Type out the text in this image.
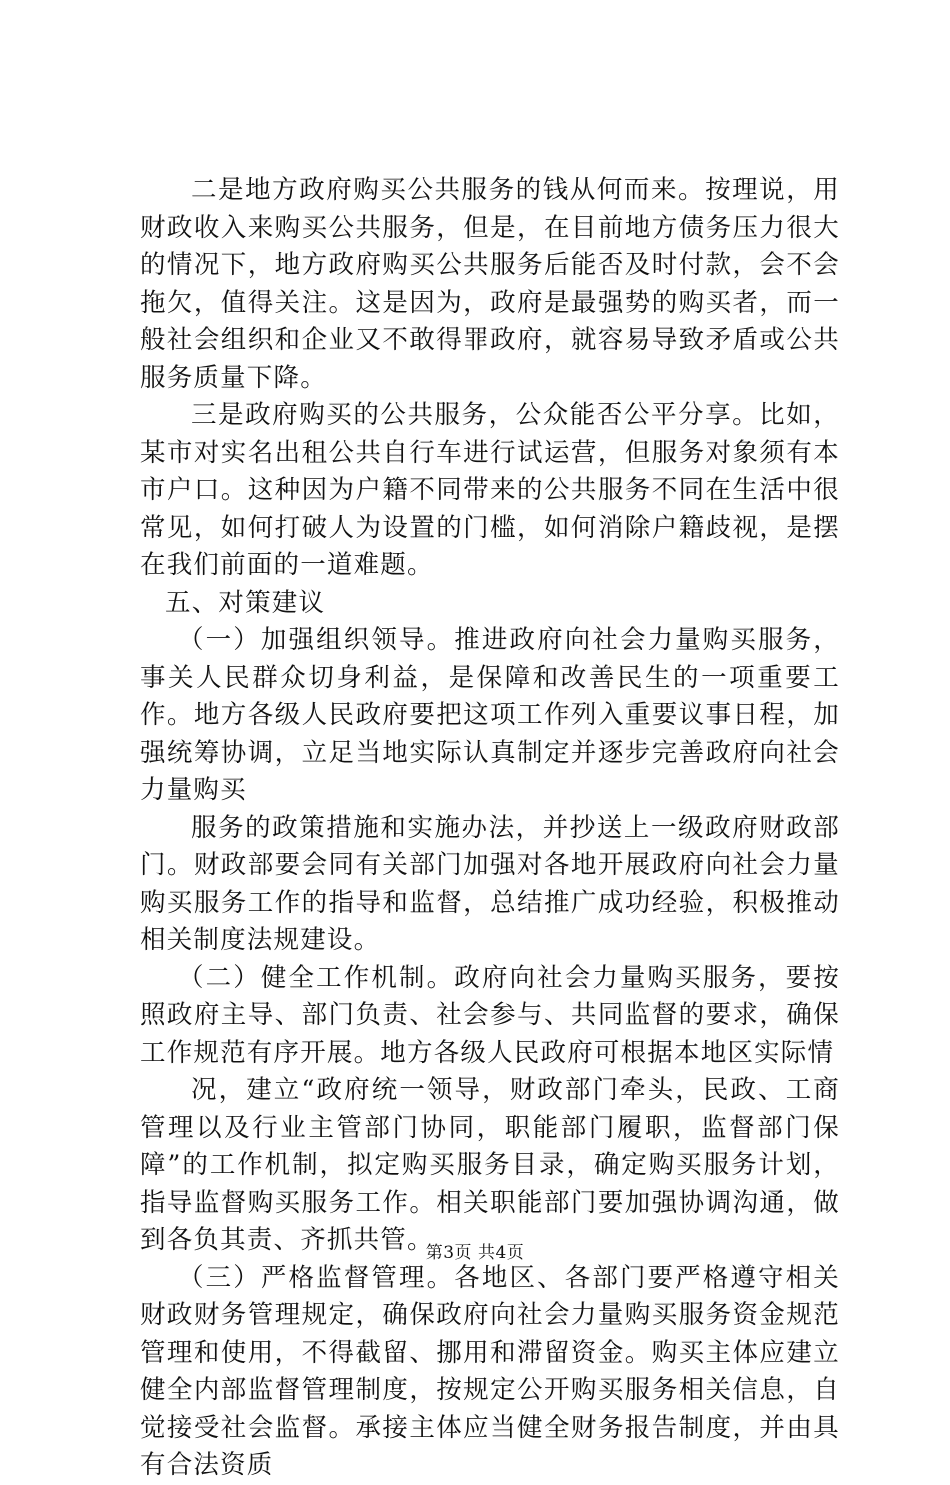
二是地方政府购买公共服务的钱从何而来。按理说，用财政收入来购买公共服务，但是，在目前地方债务压力很大的情况下，地方政府购买公共服务后能否及时付款，会不会拖欠，值得关注。这是因为，政府是最强势的购买者，而一般社会组织和企业又不敢得罪政府，就容易导致矛盾或公共服务质量下降。

三是政府购买的公共服务，公众能否公平分享。比如，某市对实名出租公共自行车进行试运营，但服务对象须有本市户口。这种因为户籍不同带来的公共服务不同在生活中很常见，如何打破人为设置的门槛，如何消除户籍歧视，是摆在我们前面的一道难题。

五、对策建议

（一）加强组织领导。推进政府向社会力量购买服务，事关人民群众切身利益，是保障和改善民生的一项重要工作。地方各级人民政府要把这项工作列入重要议事日程，加强统筹协调，立足当地实际认真制定并逐步完善政府向社会力量购买

服务的政策措施和实施办法，并抄送上一级政府财政部门。财政部要会同有关部门加强对各地开展政府向社会力量购买服务工作的指导和监督，总结推广成功经验，积极推动相关制度法规建设。

（二）健全工作机制。政府向社会力量购买服务，要按照政府主导、部门负责、社会参与、共同监督的要求，确保工作规范有序开展。地方各级人民政府可根据本地区实际情

况，建立“政府统一领导，财政部门牵头，民政、工商管理以及行业主管部门协同，职能部门履职，监督部门保障”的工作机制，拟定购买服务目录，确定购买服务计划，指导监督购买服务工作。相关职能部门要加强协调沟通，做到各负其责、齐抓共管。

（三）严格监督管理。各地区、各部门要严格遵守相关财政财务管理规定，确保政府向社会力量购买服务资金规范管理和使用，不得截留、挪用和滞留资金。购买主体应建立健全内部监督管理制度，按规定公开购买服务相关信息，自觉接受社会监督。承接主体应当健全财务报告制度，并由具有合法资质

第3页 共4页
